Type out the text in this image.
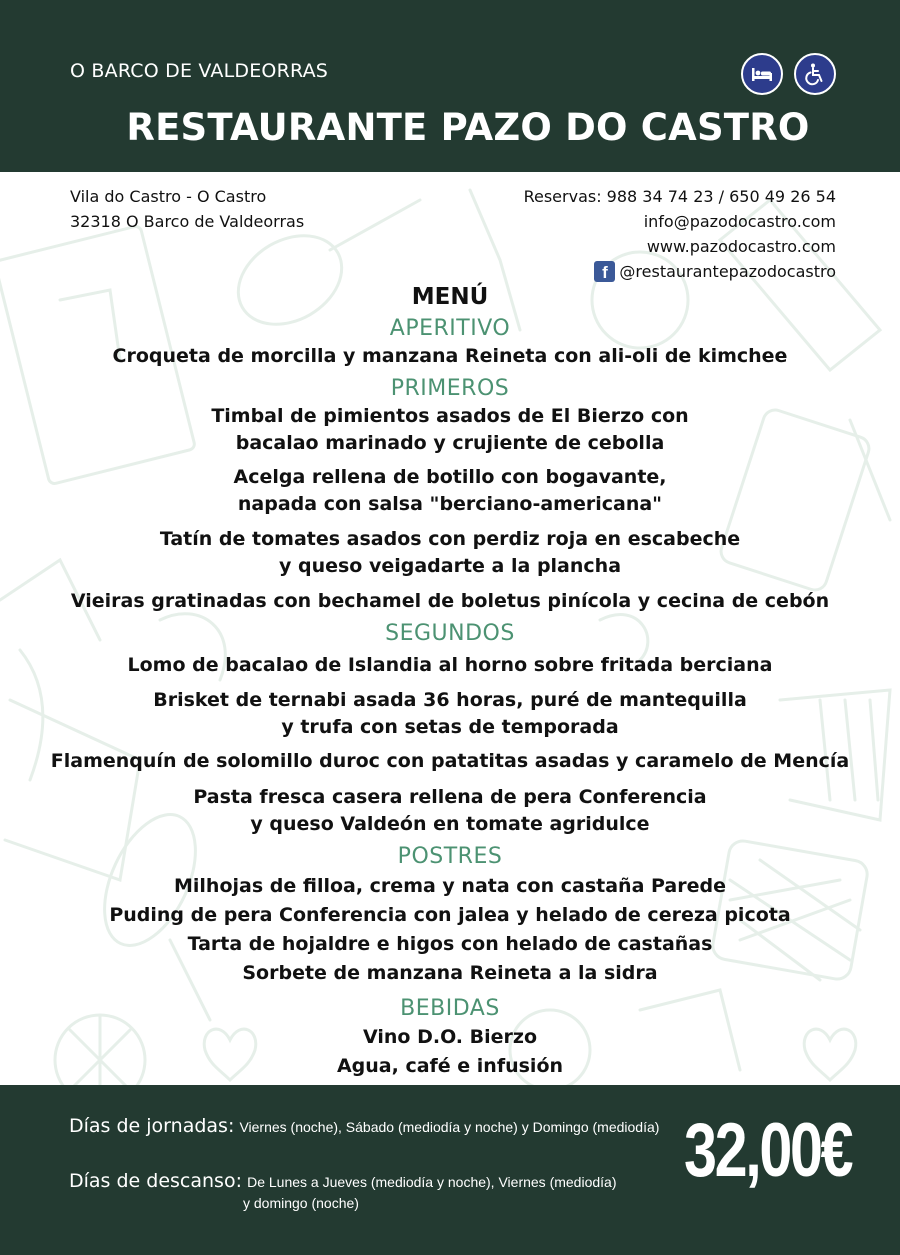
O BARCO DE VALDEORRAS
RESTAURANTE PAZO DO CASTRO
Vila do Castro - O Castro
32318 O Barco de Valdeorras
Reservas: 988 34 74 23 / 650 49 26 54
info@pazodocastro.com
www.pazodocastro.com
f @restaurantepazodocastro
MENÚ
APERITIVO
Croqueta de morcilla y manzana Reineta con ali-oli de kimchee
PRIMEROS
Timbal de pimientos asados de El Bierzo con
bacalao marinado y crujiente de cebolla
Acelga rellena de botillo con bogavante,
napada con salsa "berciano-americana"
Tatín de tomates asados con perdiz roja en escabeche
y queso veigadarte a la plancha
Vieiras gratinadas con bechamel de boletus pinícola y cecina de cebón
SEGUNDOS
Lomo de bacalao de Islandia al horno sobre fritada berciana
Brisket de ternabi asada 36 horas, puré de mantequilla
y trufa con setas de temporada
Flamenquín de solomillo duroc con patatitas asadas y caramelo de Mencía
Pasta fresca casera rellena de pera Conferencia
y queso Valdeón en tomate agridulce
POSTRES
Milhojas de filloa, crema y nata con castaña Parede
Puding de pera Conferencia con jalea y helado de cereza picota
Tarta de hojaldre e higos con helado de castañas
Sorbete de manzana Reineta a la sidra
BEBIDAS
Vino D.O. Bierzo
Agua, café e infusión
Días de jornadas: Viernes (noche), Sábado (mediodía y noche) y Domingo (mediodía)
Días de descanso: De Lunes a Jueves (mediodía y noche), Viernes (mediodía)
y domingo (noche)
32,00€
